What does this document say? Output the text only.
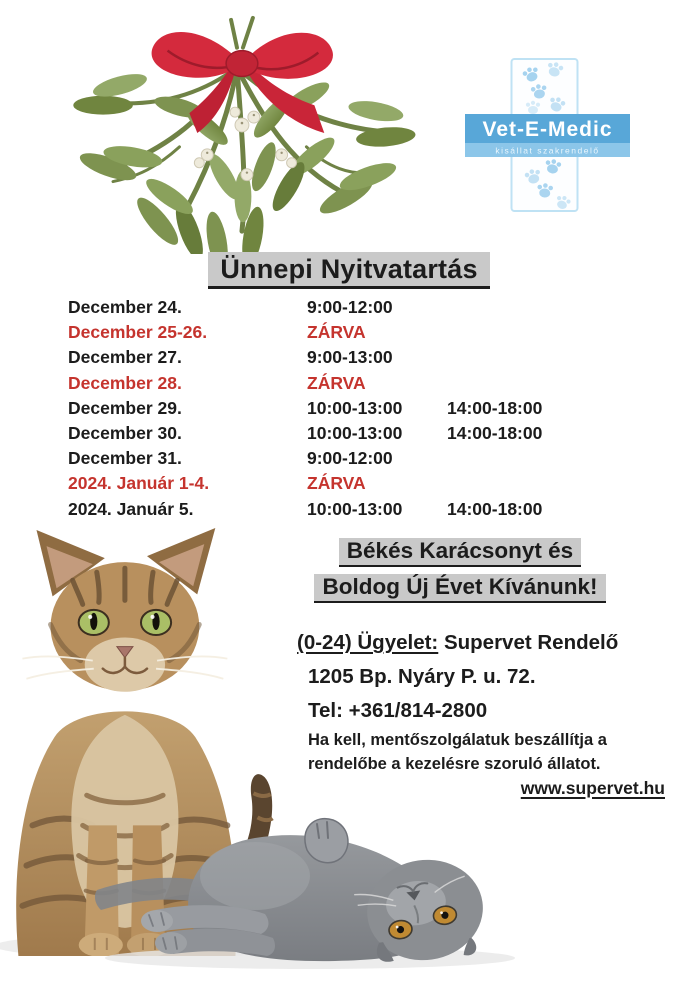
Vet-E-Medic
kisállat szakrendelő
Ünnepi Nyitvatartás
December 24.	9:00-12:00
December 25-26.	ZÁRVA
December 27.	9:00-13:00
December 28.	ZÁRVA
December 29.	10:00-13:00	14:00-18:00
December 30.	10:00-13:00	14:00-18:00
December 31.	9:00-12:00
2024. Január 1-4.	ZÁRVA
2024. Január 5.	10:00-13:00	14:00-18:00
Békés Karácsonyt és
Boldog Új Évet Kívánunk!
(0-24) Ügyelet: Supervet Rendelő
1205 Bp. Nyáry P. u. 72.
Tel: +361/814-2800
Ha kell, mentőszolgálatuk beszállítja a
rendelőbe a kezelésre szoruló állatot.
www.supervet.hu
